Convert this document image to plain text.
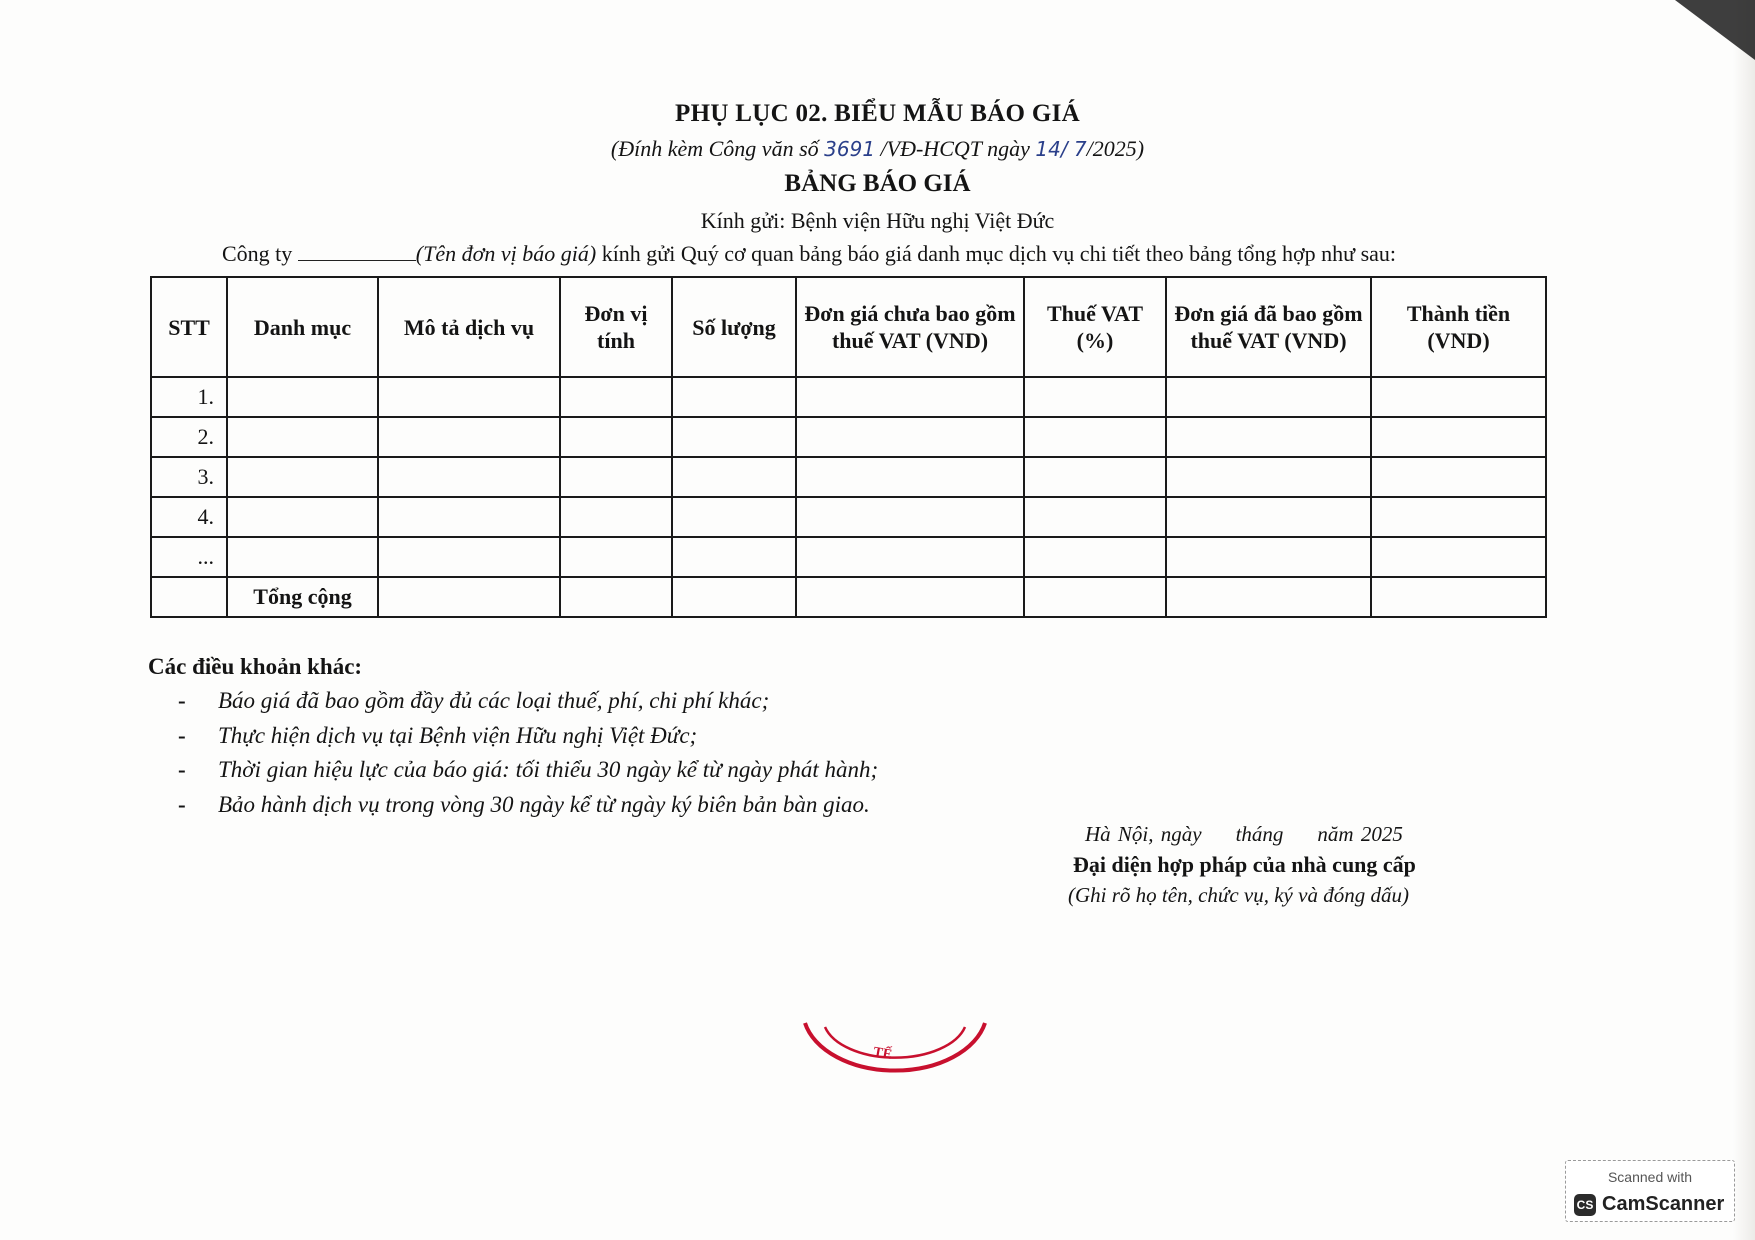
PHỤ LỤC 02. BIỂU MẪU BÁO GIÁ
(Đính kèm Công văn số 3691 /VĐ-HCQT ngày 14/ 7/2025)
BẢNG BÁO GIÁ
Kính gửi: Bệnh viện Hữu nghị Việt Đức
Công ty	(Tên đơn vị báo giá) kính gửi Quý cơ quan bảng báo giá danh mục dịch vụ chi tiết theo bảng tổng hợp như sau:
STT	Danh mục	Mô tả dịch vụ	Đơn vị tính	Số lượng	Đơn giá chưa bao gồm thuế VAT (VND)	Thuế VAT (%)	Đơn giá đã bao gồm thuế VAT (VND)	Thành tiền (VND)
1.								
2.								
3.								
4.								
...								
	Tổng cộng							
Các điều khoản khác:
- Báo giá đã bao gồm đầy đủ các loại thuế, phí, chi phí khác;
- Thực hiện dịch vụ tại Bệnh viện Hữu nghị Việt Đức;
- Thời gian hiệu lực của báo giá: tối thiểu 30 ngày kể từ ngày phát hành;
- Bảo hành dịch vụ trong vòng 30 ngày kể từ ngày ký biên bản bàn giao.
Hà Nội, ngày tháng năm 2025
Đại diện hợp pháp của nhà cung cấp
(Ghi rõ họ tên, chức vụ, ký và đóng dấu)
TẾ
Scanned with
CS CamScanner
